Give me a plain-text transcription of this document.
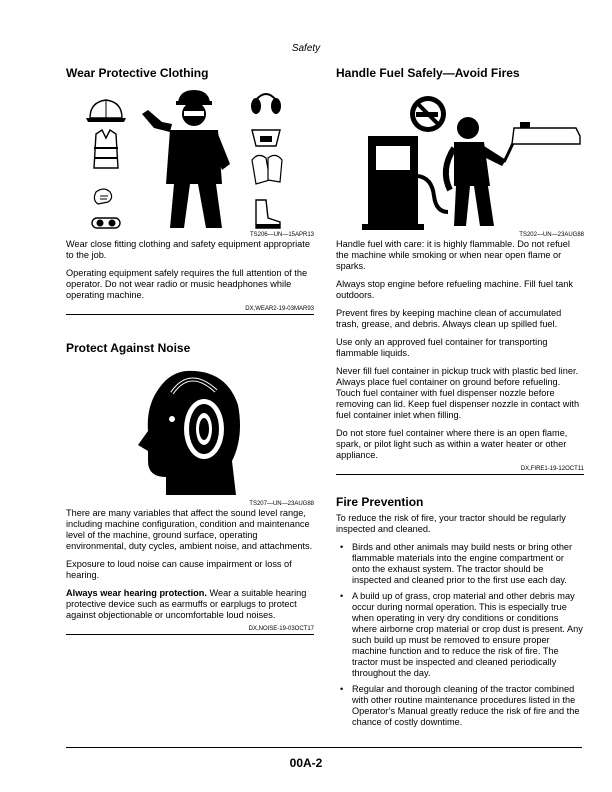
Safety
Wear Protective Clothing
TS206—UN—15APR13

Wear close fitting clothing and safety equipment appropriate to the job.

Operating equipment safely requires the full attention of the operator. Do not wear radio or music headphones while operating machine.

DX,WEAR2-19-03MAR93
Protect Against Noise
TS207—UN—23AUG88

There are many variables that affect the sound level range, including machine configuration, condition and maintenance level of the machine, ground surface, operating environmental, duty cycles, ambient noise, and attachments.

Exposure to loud noise can cause impairment or loss of hearing.

Always wear hearing protection. Wear a suitable hearing protective device such as earmuffs or earplugs to protect against objectionable or uncomfortable loud noises.

DX,NOISE-19-03OCT17
Handle Fuel Safely—Avoid Fires
TS202—UN—23AUG88

Handle fuel with care: it is highly flammable. Do not refuel the machine while smoking or when near open flame or sparks.

Always stop engine before refueling machine. Fill fuel tank outdoors.

Prevent fires by keeping machine clean of accumulated trash, grease, and debris. Always clean up spilled fuel.

Use only an approved fuel container for transporting flammable liquids.

Never fill fuel container in pickup truck with plastic bed liner. Always place fuel container on ground before refueling. Touch fuel container with fuel dispenser nozzle before removing can lid. Keep fuel dispenser nozzle in contact with fuel container inlet when filling.

Do not store fuel container where there is an open flame, spark, or pilot light such as within a water heater or other appliance.

DX,FIRE1-19-12OCT11
Fire Prevention

To reduce the risk of fire, your tractor should be regularly inspected and cleaned.

• Birds and other animals may build nests or bring other flammable materials into the engine compartment or onto the exhaust system. The tractor should be inspected and cleaned prior to the first use each day.
• A build up of grass, crop material and other debris may occur during normal operation. This is especially true when operating in very dry conditions or conditions where airborne crop material or crop dust is present. Any such build up must be removed to ensure proper machine function and to reduce the risk of fire. The tractor must be inspected and cleaned periodically throughout the day.
• Regular and thorough cleaning of the tractor combined with other routine maintenance procedures listed in the Operator’s Manual greatly reduce the risk of fire and the chance of costly downtime.
00A-2
